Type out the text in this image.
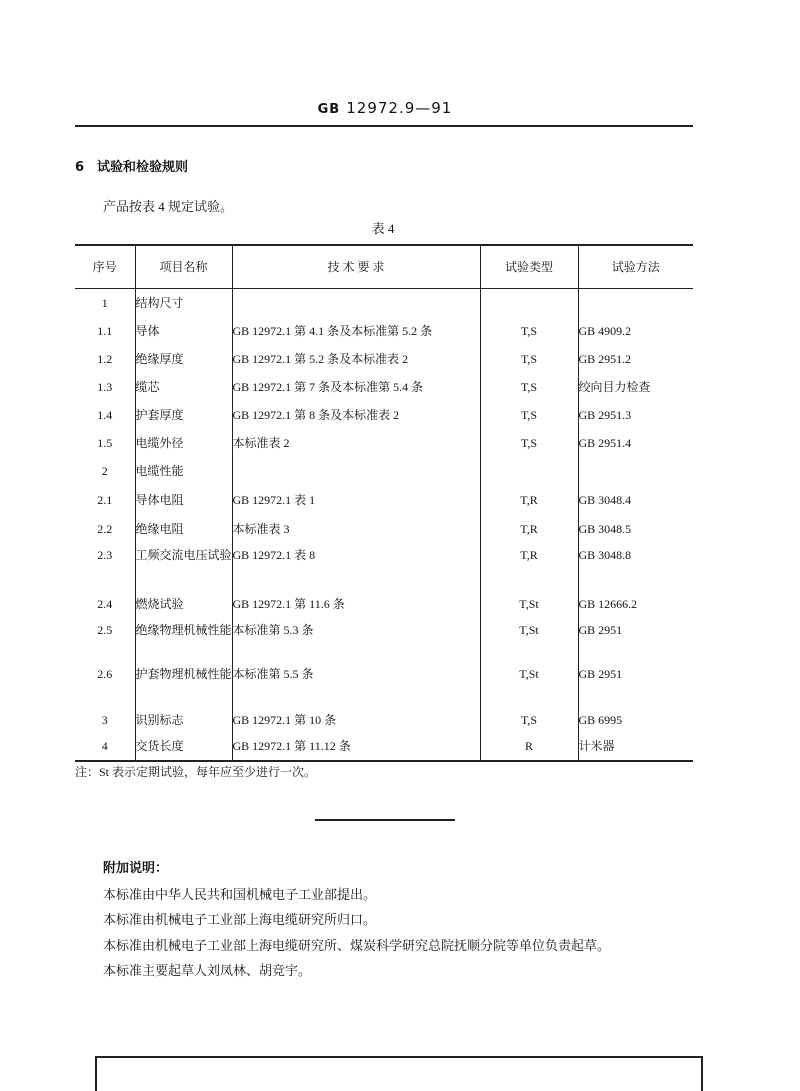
GB 12972.9—91
6 试验和检验规则
产品按表 4 规定试验。
表 4
序号	项目名称	技 术 要 求	试验类型	试验方法
1	结构尺寸			
1.1	导体	GB 12972.1 第 4.1 条及本标准第 5.2 条	T,S	GB 4909.2
1.2	绝缘厚度	GB 12972.1 第 5.2 条及本标准表 2	T,S	GB 2951.2
1.3	缆芯	GB 12972.1 第 7 条及本标准第 5.4 条	T,S	绞向目力检查
1.4	护套厚度	GB 12972.1 第 8 条及本标准表 2	T,S	GB 2951.3
1.5	电缆外径	本标准表 2	T,S	GB 2951.4
2	电缆性能			
2.1	导体电阻	GB 12972.1 表 1	T,R	GB 3048.4
2.2	绝缘电阻	本标准表 3	T,R	GB 3048.5
2.3	工频交流电压试验	GB 12972.1 表 8	T,R	GB 3048.8
2.4	燃烧试验	GB 12972.1 第 11.6 条	T,St	GB 12666.2
2.5	绝缘物理机械性能	本标准第 5.3 条	T,St	GB 2951
2.6	护套物理机械性能	本标准第 5.5 条	T,St	GB 2951
3	识别标志	GB 12972.1 第 10 条	T,S	GB 6995
4	交货长度	GB 12972.1 第 11.12 条	R	计米器
注：St 表示定期试验，每年应至少进行一次。
附加说明：
本标准由中华人民共和国机械电子工业部提出。
本标准由机械电子工业部上海电缆研究所归口。
本标准由机械电子工业部上海电缆研究所、煤炭科学研究总院抚顺分院等单位负责起草。
本标准主要起草人刘凤林、胡竞宇。
